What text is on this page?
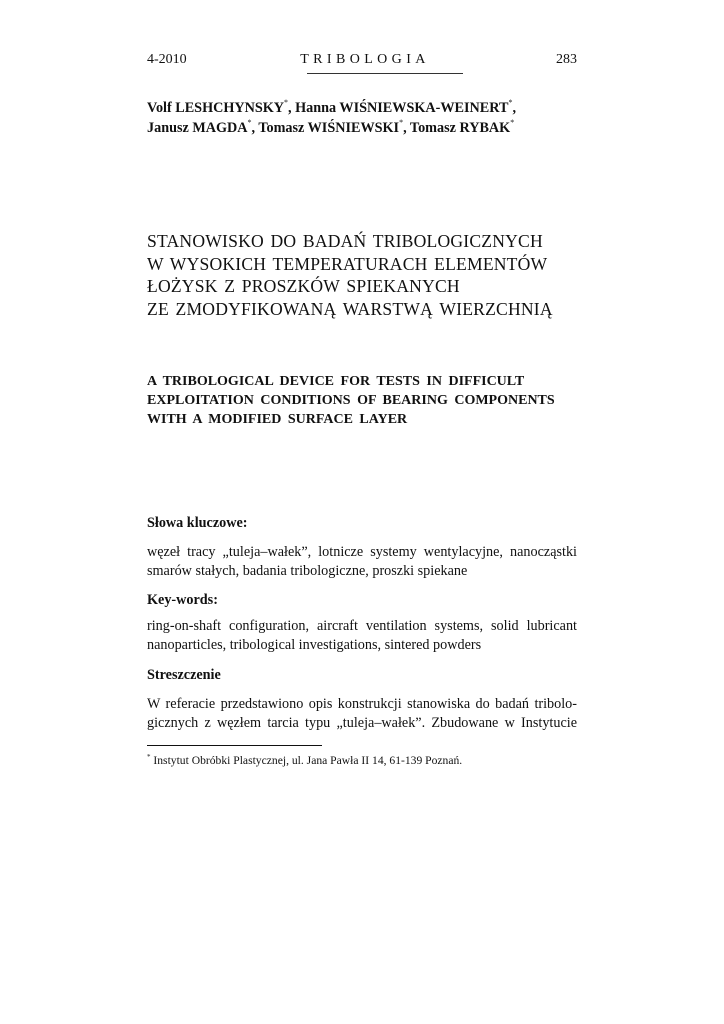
4-2010	TRIBOLOGIA	283
Volf LESHCHYNSKY*, Hanna WIŚNIEWSKA-WEINERT*,
Janusz MAGDA*, Tomasz WIŚNIEWSKI*, Tomasz RYBAK*
STANOWISKO DO BADAŃ TRIBOLOGICZNYCH
W WYSOKICH TEMPERATURACH ELEMENTÓW
ŁOŻYSK Z PROSZKÓW SPIEKANYCH
ZE ZMODYFIKOWANĄ WARSTWĄ WIERZCHNIĄ
A TRIBOLOGICAL DEVICE FOR TESTS IN DIFFICULT
EXPLOITATION CONDITIONS OF BEARING COMPONENTS
WITH A MODIFIED SURFACE LAYER
Słowa kluczowe:
węzeł tracy „tuleja–wałek”, lotnicze systemy wentylacyjne, nanocząstki
smarów stałych, badania tribologiczne, proszki spiekane
Key-words:
ring-on-shaft configuration, aircraft ventilation systems, solid lubricant
nanoparticles, tribological investigations, sintered powders
Streszczenie
W referacie przedstawiono opis konstrukcji stanowiska do badań tribolo-
gicznych z węzłem tarcia typu „tuleja–wałek”. Zbudowane w Instytucie
* Instytut Obróbki Plastycznej, ul. Jana Pawła II 14, 61-139 Poznań.
